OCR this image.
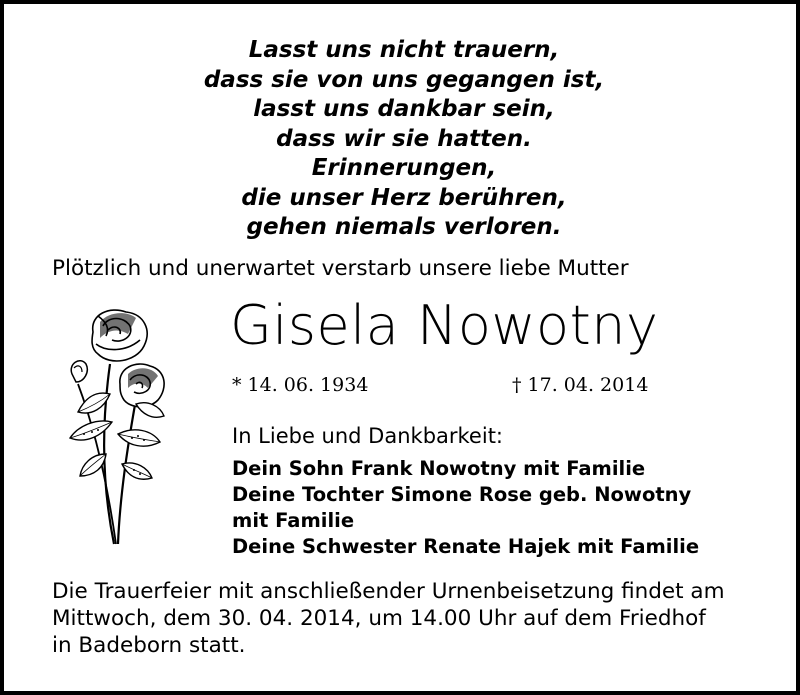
Lasst uns nicht trauern,
dass sie von uns gegangen ist,
lasst uns dankbar sein,
dass wir sie hatten.
Erinnerungen,
die unser Herz berühren,
gehen niemals verloren.
Plötzlich und unerwartet verstarb unsere liebe Mutter
Gisela Nowotny
* 14. 06. 1934	† 17. 04. 2014
In Liebe und Dankbarkeit:
Dein Sohn Frank Nowotny mit Familie
Deine Tochter Simone Rose geb. Nowotny
mit Familie
Deine Schwester Renate Hajek mit Familie
Die Trauerfeier mit anschließender Urnenbeisetzung findet am
Mittwoch, dem 30. 04. 2014, um 14.00 Uhr auf dem Friedhof
in Badeborn statt.
